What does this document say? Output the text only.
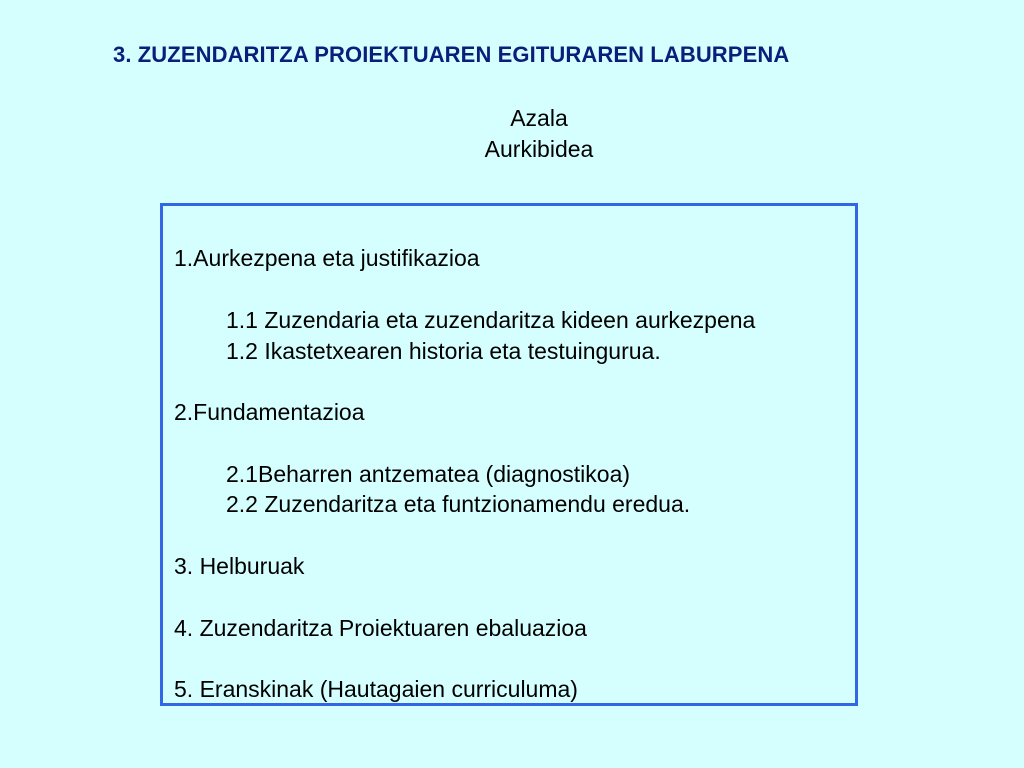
3. ZUZENDARITZA PROIEKTUAREN EGITURAREN LABURPENA
Azala
Aurkibidea
1.Aurkezpena eta justifikazioa
1.1 Zuzendaria eta zuzendaritza kideen aurkezpena
1.2 Ikastetxearen historia eta testuingurua.
2.Fundamentazioa
2.1Beharren antzematea (diagnostikoa)
2.2 Zuzendaritza eta funtzionamendu eredua.
3. Helburuak
4. Zuzendaritza Proiektuaren ebaluazioa
5. Eranskinak (Hautagaien curriculuma)
